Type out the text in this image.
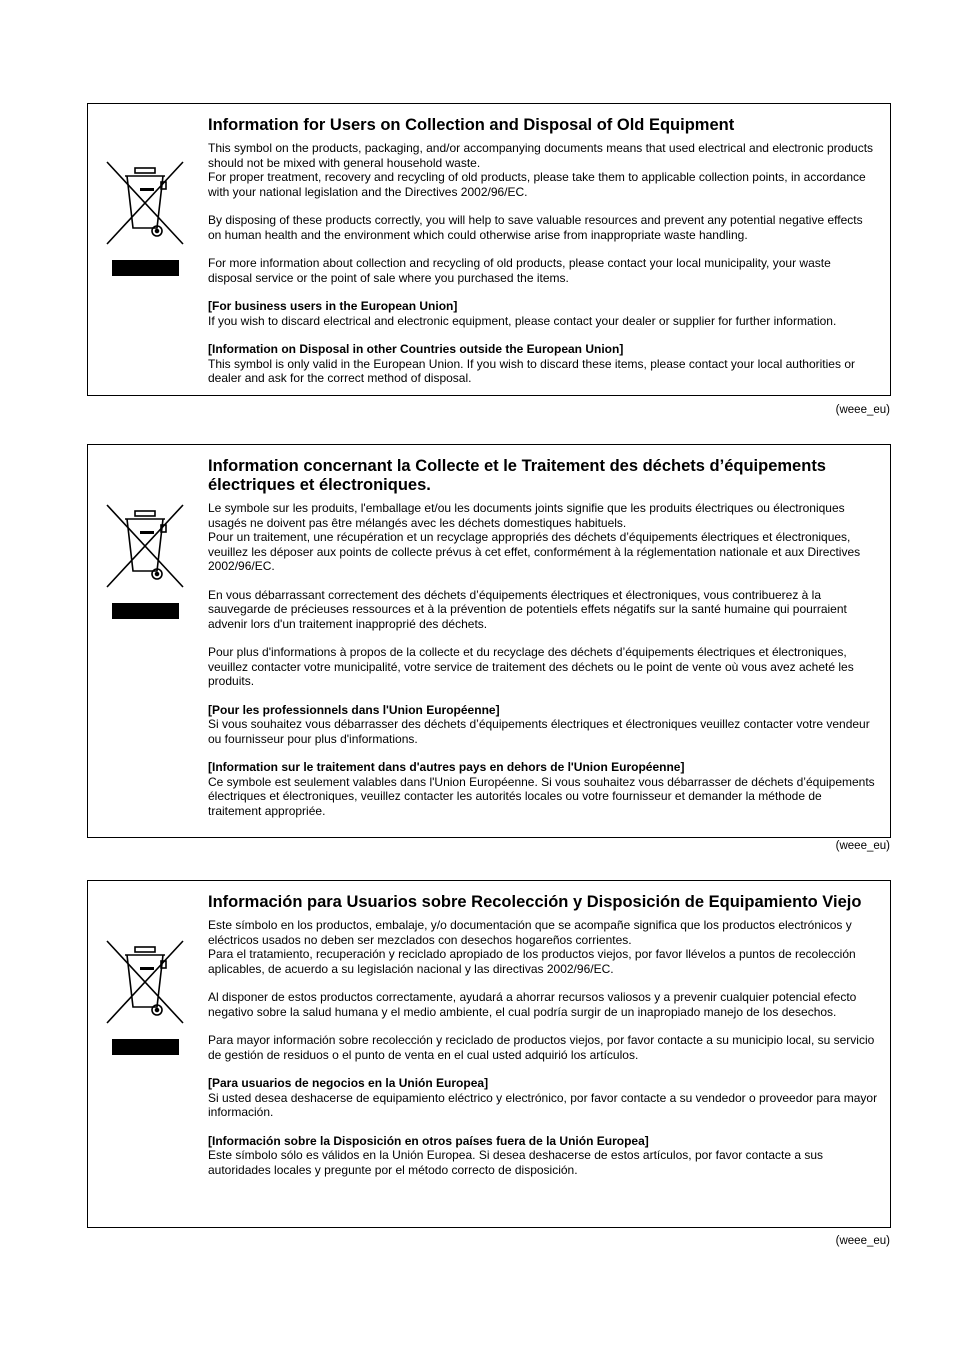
Information for Users on Collection and Disposal of Old Equipment
This symbol on the products, packaging, and/or accompanying documents means that used electrical and electronic products should not be mixed with general household waste.
For proper treatment, recovery and recycling of old products, please take them to applicable collection points, in accordance with your national legislation and the Directives 2002/96/EC.
By disposing of these products correctly, you will help to save valuable resources and prevent any potential negative effects on human health and the environment which could otherwise arise from inappropriate waste handling.
For more information about collection and recycling of old products, please contact your local municipality, your waste disposal service or the point of sale where you purchased the items.
[For business users in the European Union]
If you wish to discard electrical and electronic equipment, please contact your dealer or supplier for further information.
[Information on Disposal in other Countries outside the European Union]
This symbol is only valid in the European Union. If you wish to discard these items, please contact your local authorities or dealer and ask for the correct method of disposal.
(weee_eu)
Information concernant la Collecte et le Traitement des déchets d’équipements électriques et électroniques.
Le symbole sur les produits, l'emballage et/ou les documents joints signifie que les produits électriques ou électroniques usagés ne doivent pas être mélangés avec les déchets domestiques habituels.
Pour un traitement, une récupération et un recyclage appropriés des déchets d’équipements électriques et électroniques, veuillez les déposer aux points de collecte prévus à cet effet, conformément à la réglementation nationale et aux Directives 2002/96/EC.
En vous débarrassant correctement des déchets d’équipements électriques et électroniques, vous contribuerez à la sauvegarde de précieuses ressources et à la prévention de potentiels effets négatifs sur la santé humaine qui pourraient advenir lors d'un traitement inapproprié des déchets.
Pour plus d'informations à propos de la collecte et du recyclage des déchets d’équipements électriques et électroniques, veuillez contacter votre municipalité, votre service de traitement des déchets ou le point de vente où vous avez acheté les produits.
[Pour les professionnels dans l'Union Européenne]
Si vous souhaitez vous débarrasser des déchets d’équipements électriques et électroniques veuillez contacter votre vendeur ou fournisseur pour plus d'informations.
[Information sur le traitement dans d'autres pays en dehors de l'Union Européenne]
Ce symbole est seulement valables dans l'Union Européenne. Si vous souhaitez vous débarrasser de déchets d’équipements électriques et électroniques, veuillez contacter les autorités locales ou votre fournisseur et demander la méthode de traitement appropriée.
(weee_eu)
Información para Usuarios sobre Recolección y Disposición de Equipamiento Viejo
Este símbolo en los productos, embalaje, y/o documentación que se acompañe significa que los productos electrónicos y eléctricos usados no deben ser mezclados con desechos hogareños corrientes.
Para el tratamiento, recuperación y reciclado apropiado de los productos viejos, por favor llévelos a puntos de recolección aplicables, de acuerdo a su legislación nacional y las directivas 2002/96/EC.
Al disponer de estos productos correctamente, ayudará a ahorrar recursos valiosos y a prevenir cualquier potencial efecto negativo sobre la salud humana y el medio ambiente, el cual podría surgir de un inapropiado manejo de los desechos.
Para mayor información sobre recolección y reciclado de productos viejos, por favor contacte a su municipio local, su servicio de gestión de residuos o el punto de venta en el cual usted adquirió los artículos.
[Para usuarios de negocios en la Unión Europea]
Si usted desea deshacerse de equipamiento eléctrico y electrónico, por favor contacte a su vendedor o proveedor para mayor información.
[Información sobre la Disposición en otros países fuera de la Unión Europea]
Este símbolo sólo es válidos en la Unión Europea. Si desea deshacerse de estos artículos, por favor contacte a sus autoridades locales y pregunte por el método correcto de disposición.
(weee_eu)
